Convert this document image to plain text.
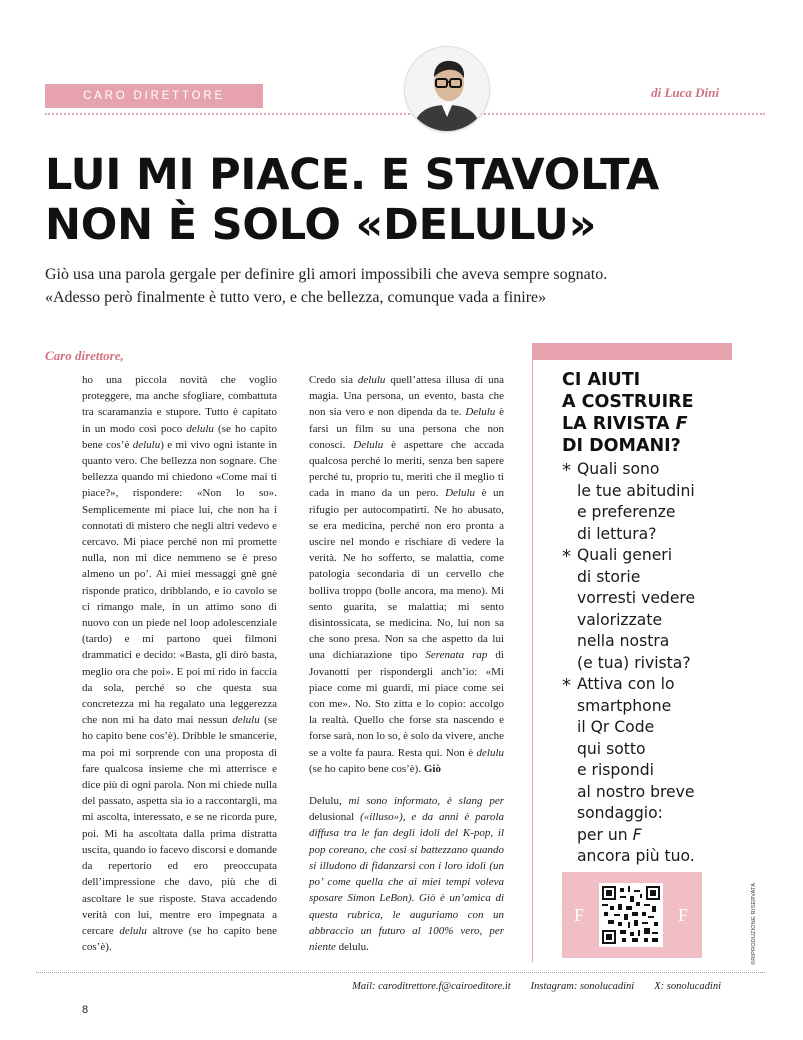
CARO DIRETTORE	di Luca Dini
LUI MI PIACE. E STAVOLTA
NON È SOLO «DELULU»
Giò usa una parola gergale per definire gli amori impossibili che aveva sempre sognato.
«Adesso però finalmente è tutto vero, e che bellezza, comunque vada a finire»
Caro direttore,

ho una piccola novità che voglio proteggere, ma anche sfogliare, combattuta tra scaramanzia e stupore. Tutto è capitato in un modo così poco delulu (se ho capito bene cos’è delulu) e mi vivo ogni istante in quanto vero. Che bellezza non sognare. Che bellezza quando mi chiedono «Come mai ti piace?», rispondere: «Non lo so». Semplicemente mi piace lui, che non ha i connotati di mistero che negli altri vedevo e cercavo. Mi piace perché non mi promette nulla, non mi dice nemmeno se è preso almeno un po’. Ai miei messaggi gnè gnè risponde pratico, dribblando, e io cavolo se ci rimango male, in un attimo sono di nuovo con un piede nel loop adolescenziale (tardo) e mi partono quei filmoni drammatici e decido: «Basta, gli dirò basta, meglio ora che poi». E poi mi rido in faccia da sola, perché so che questa sua concretezza mi ha regalato una leggerezza che non mi ha dato mai nessun delulu (se ho capito bene cos’è). Dribble le smancerie, ma poi mi sorprende con una proposta di fare qualcosa insieme che mi atterrisce e dice più di ogni parola. Non mi chiede nulla del passato, aspetta sia io a raccontargli, ma mi ascolta, interessato, e se ne ricorda pure, poi. Mi ha ascoltata dalla prima distratta uscita, quando io facevo discorsi e domande da repertorio ed ero preoccupata dell’impressione che davo, più che di ascoltare le sue risposte. Stava accadendo verità con lui, mentre ero impegnata a cercare delulu altrove (se ho capito bene cos’è).

Credo sia delulu quell’attesa illusa di una magia. Una persona, un evento, basta che non sia vero e non dipenda da te. Delulu è farsi un film su una persona che non conosci. Delulu è aspettare che accada qualcosa perché lo meriti, senza ben sapere perché tu, proprio tu, meriti che il meglio ti cada in mano da un pero. Delulu è un rifugio per autocompatirti. Ne ho abusato, se era medicina, perché non ero pronta a uscire nel mondo e rischiare di vedere la verità. Ne ho sofferto, se malattia, come patologia secondaria di un cervello che bolliva troppo (bolle ancora, ma meno). Mi sento guarita, se malattia; mi sento disintossicata, se medicina. No, lui non sa che sono presa. Non sa che aspetto da lui una dichiarazione tipo Serenata rap di Jovanotti per rispondergli anch’io: «Mi piace come mi guardi, mi piace come sei con me». No. Sto zitta e lo copio: accolgo la realtà. Quello che forse sta nascendo e forse sarà, non lo so, è solo da vivere, anche se a volte fa paura. Resta qui. Non è delulu (se ho capito bene cos’è). Giò

Delulu, mi sono informato, è slang per delusional («illuso»), e da anni è parola diffusa tra le fan degli idoli del K-pop, il pop coreano, che così si battezzano quando si illudono di fidanzarsi con i loro idoli (un po’ come quella che ai miei tempi voleva sposare Simon LeBon). Giò è un’amica di questa rubrica, le auguriamo con un abbraccio un futuro al 100% vero, per niente delulu.

CI AIUTI
A COSTRUIRE
LA RIVISTA F
DI DOMANI?
* Quali sono
le tue abitudini
e preferenze
di lettura?
* Quali generi
di storie
vorresti vedere
valorizzate
nella nostra
(e tua) rivista?
* Attiva con lo
smartphone
il Qr Code
qui sotto
e rispondi
al nostro breve
sondaggio:
per un F
ancora più tuo.
F	F	©RIPRODUZIONE RISERVATA
Mail: caroditrettore.f@cairoeditore.it Instagram: sonolucadini X: sonolucadini
8
